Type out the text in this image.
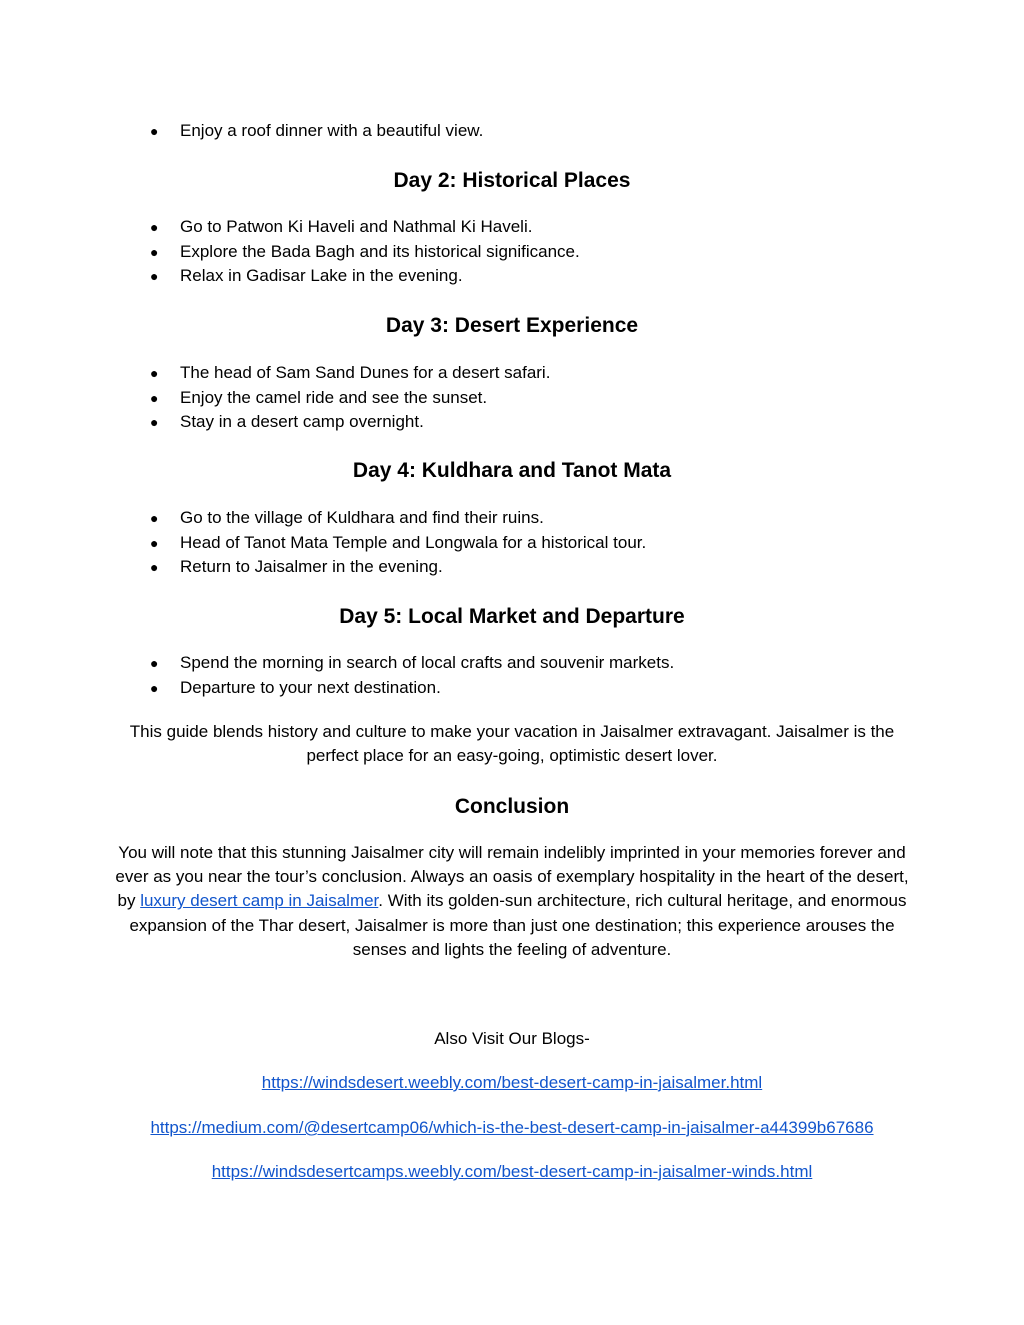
● Enjoy a roof dinner with a beautiful view.
Day 2: Historical Places
● Go to Patwon Ki Haveli and Nathmal Ki Haveli.
● Explore the Bada Bagh and its historical significance.
● Relax in Gadisar Lake in the evening.
Day 3: Desert Experience
● The head of Sam Sand Dunes for a desert safari.
● Enjoy the camel ride and see the sunset.
● Stay in a desert camp overnight.
Day 4: Kuldhara and Tanot Mata
● Go to the village of Kuldhara and find their ruins.
● Head of Tanot Mata Temple and Longwala for a historical tour.
● Return to Jaisalmer in the evening.
Day 5: Local Market and Departure
● Spend the morning in search of local crafts and souvenir markets.
● Departure to your next destination.

This guide blends history and culture to make your vacation in Jaisalmer extravagant. Jaisalmer is the perfect place for an easy-going, optimistic desert lover.

Conclusion

You will note that this stunning Jaisalmer city will remain indelibly imprinted in your memories forever and ever as you near the tour’s conclusion. Always an oasis of exemplary hospitality in the heart of the desert, by luxury desert camp in Jaisalmer. With its golden-sun architecture, rich cultural heritage, and enormous expansion of the Thar desert, Jaisalmer is more than just one destination; this experience arouses the senses and lights the feeling of adventure.

Also Visit Our Blogs-

https://windsdesert.weebly.com/best-desert-camp-in-jaisalmer.html

https://medium.com/@desertcamp06/which-is-the-best-desert-camp-in-jaisalmer-a44399b67686

https://windsdesertcamps.weebly.com/best-desert-camp-in-jaisalmer-winds.html
